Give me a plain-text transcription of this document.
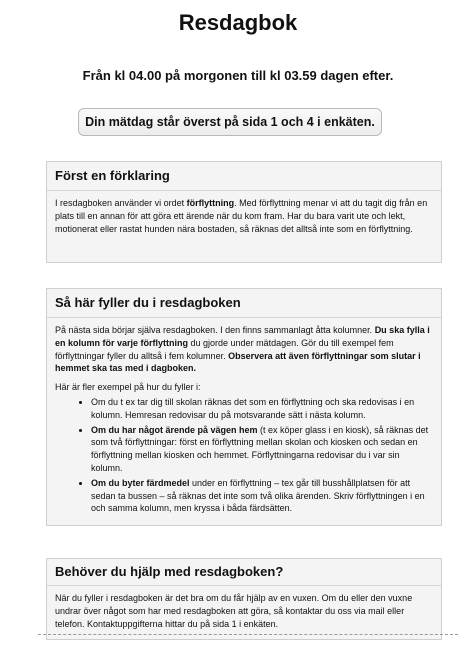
Resdagbok
Från kl 04.00 på morgonen till kl 03.59 dagen efter.
Din mätdag står överst på sida 1 och 4 i enkäten.
Först en förklaring

I resdagboken använder vi ordet förflyttning. Med förflyttning menar vi att du tagit dig från en plats till en annan för att göra ett ärende när du kom fram. Har du bara varit ute och lekt, motionerat eller rastat hunden nära bostaden, så räknas det alltså inte som en förflyttning.

Så här fyller du i resdagboken

På nästa sida börjar själva resdagboken. I den finns sammanlagt åtta kolumner. Du ska fylla i en kolumn för varje förflyttning du gjorde under mätdagen. Gör du till exempel fem förflyttningar fyller du alltså i fem kolumner. Observera att även förflyttningar som slutar i hemmet ska tas med i dagboken.

Här är fler exempel på hur du fyller i:

• Om du t ex tar dig till skolan räknas det som en förflyttning och ska redovisas i en kolumn. Hemresan redovisar du på motsvarande sätt i nästa kolumn.
• Om du har något ärende på vägen hem (t ex köper glass i en kiosk), så räknas det som två förflyttningar: först en förflyttning mellan skolan och kiosken och sedan en förflyttning mellan kiosken och hemmet. Förflyttningarna redovisar du i var sin kolumn.
• Om du byter färdmedel under en förflyttning – tex går till busshållplatsen för att sedan ta bussen – så räknas det inte som två olika ärenden. Skriv förflyttningen i en och samma kolumn, men kryssa i båda färdsätten.
Behöver du hjälp med resdagboken?

När du fyller i resdagboken är det bra om du får hjälp av en vuxen. Om du eller den vuxne undrar över något som har med resdagboken att göra, så kontaktar du oss via mail eller telefon. Kontaktuppgifterna hittar du på sida 1 i enkäten.
